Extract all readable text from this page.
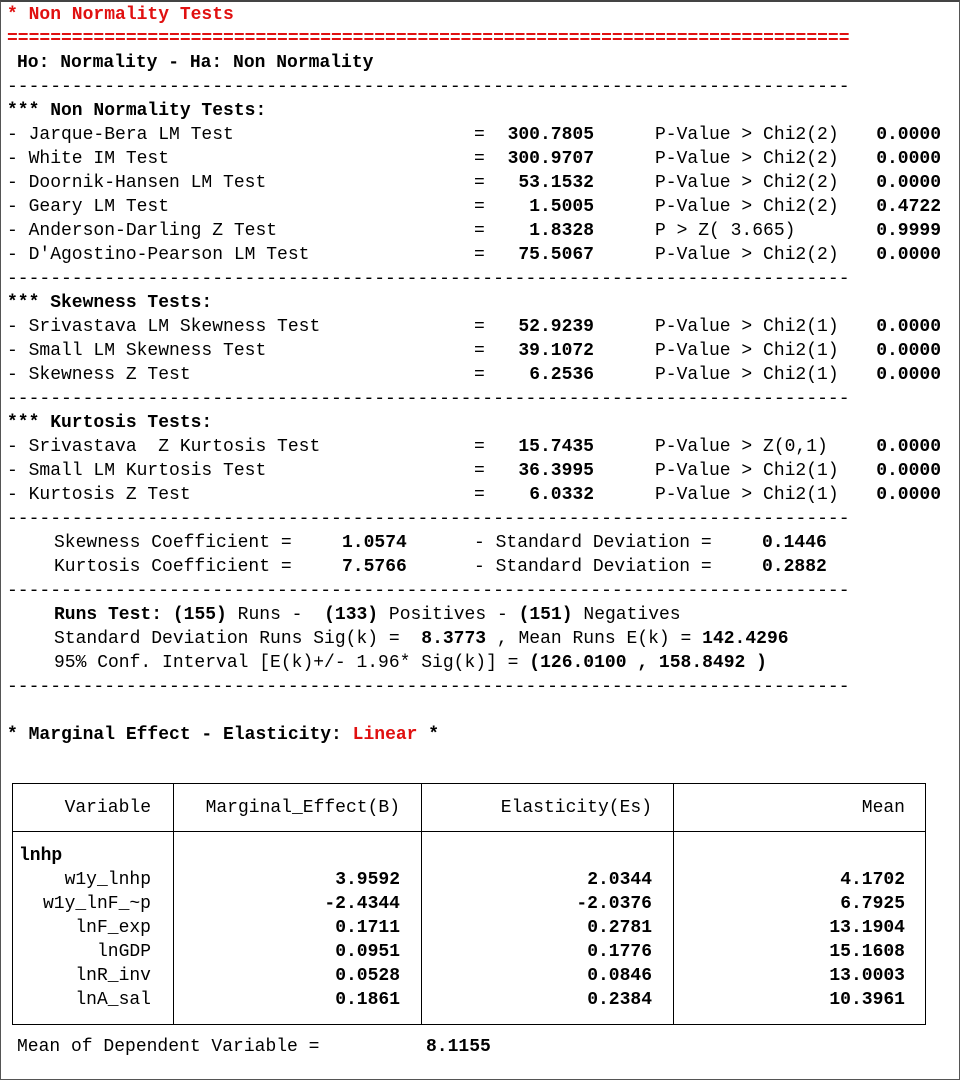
* Non Normality Tests
==============================================================================
Ho: Normality - Ha: Non Normality
------------------------------------------------------------------------------
*** Non Normality Tests:
- Jarque-Bera LM Test	=	300.7805	P-Value > Chi2(2)	0.0000
- White IM Test	=	300.9707	P-Value > Chi2(2)	0.0000
- Doornik-Hansen LM Test	=	53.1532	P-Value > Chi2(2)	0.0000
- Geary LM Test	=	1.5005	P-Value > Chi2(2)	0.4722
- Anderson-Darling Z Test	=	1.8328	P > Z( 3.665)	0.9999
- D'Agostino-Pearson LM Test	=	75.5067	P-Value > Chi2(2)	0.0000
------------------------------------------------------------------------------
*** Skewness Tests:
- Srivastava LM Skewness Test	=	52.9239	P-Value > Chi2(1)	0.0000
- Small LM Skewness Test	=	39.1072	P-Value > Chi2(1)	0.0000
- Skewness Z Test	=	6.2536	P-Value > Chi2(1)	0.0000
------------------------------------------------------------------------------
*** Kurtosis Tests:
- Srivastava  Z Kurtosis Test	=	15.7435	P-Value > Z(0,1)	0.0000
- Small LM Kurtosis Test	=	36.3995	P-Value > Chi2(1)	0.0000
- Kurtosis Z Test	=	6.0332	P-Value > Chi2(1)	0.0000
------------------------------------------------------------------------------
Skewness Coefficient =	1.0574	- Standard Deviation =	0.1446
Kurtosis Coefficient =	7.5766	- Standard Deviation =	0.2882
------------------------------------------------------------------------------
Runs Test: (155) Runs - (133) Positives - (151) Negatives
Standard Deviation Runs Sig(k) = 8.3773 , Mean Runs E(k) = 142.4296
95% Conf. Interval [E(k)+/- 1.96* Sig(k)] = (126.0100 , 158.8492 )
------------------------------------------------------------------------------
* Marginal Effect - Elasticity: Linear *
Variable	Marginal_Effect(B)	Elasticity(Es)	Mean
lnhp
w1y_lnhp	3.9592	2.0344	4.1702
w1y_lnF_~p	-2.4344	-2.0376	6.7925
lnF_exp	0.1711	0.2781	13.1904
lnGDP	0.0951	0.1776	15.1608
lnR_inv	0.0528	0.0846	13.0003
lnA_sal	0.1861	0.2384	10.3961
Mean of Dependent Variable =	8.1155
